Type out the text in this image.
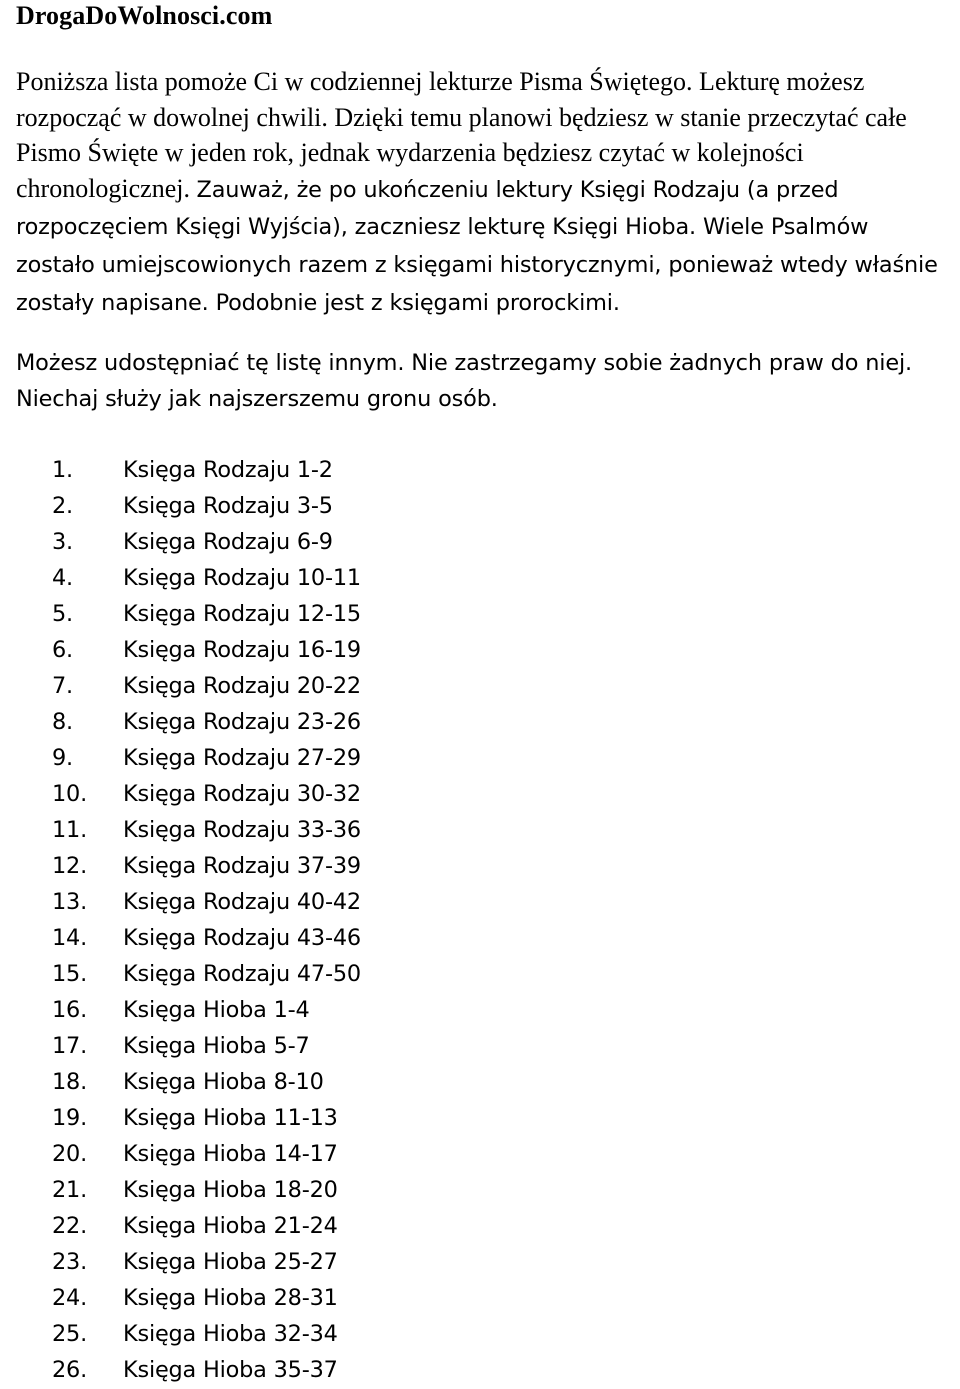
DrogaDoWolnosci.com

Poniższa lista pomoże Ci w codziennej lekturze Pisma Świętego. Lekturę możesz rozpocząć w dowolnej chwili. Dzięki temu planowi będziesz w stanie przeczytać całe Pismo Święte w jeden rok, jednak wydarzenia będziesz czytać w kolejności chronologicznej. Zauważ, że po ukończeniu lektury Księgi Rodzaju (a przed rozpoczęciem Księgi Wyjścia), zaczniesz lekturę Księgi Hioba. Wiele Psalmów zostało umiejscowionych razem z księgami historycznymi, ponieważ wtedy właśnie zostały napisane. Podobnie jest z księgami prorockimi.

Możesz udostępniać tę listę innym. Nie zastrzegamy sobie żadnych praw do niej. Niechaj służy jak najszerszemu gronu osób.

1. Księga Rodzaju 1-2
2. Księga Rodzaju 3-5
3. Księga Rodzaju 6-9
4. Księga Rodzaju 10-11
5. Księga Rodzaju 12-15
6. Księga Rodzaju 16-19
7. Księga Rodzaju 20-22
8. Księga Rodzaju 23-26
9. Księga Rodzaju 27-29
10. Księga Rodzaju 30-32
11. Księga Rodzaju 33-36
12. Księga Rodzaju 37-39
13. Księga Rodzaju 40-42
14. Księga Rodzaju 43-46
15. Księga Rodzaju 47-50
16. Księga Hioba 1-4
17. Księga Hioba 5-7
18. Księga Hioba 8-10
19. Księga Hioba 11-13
20. Księga Hioba 14-17
21. Księga Hioba 18-20
22. Księga Hioba 21-24
23. Księga Hioba 25-27
24. Księga Hioba 28-31
25. Księga Hioba 32-34
26. Księga Hioba 35-37
